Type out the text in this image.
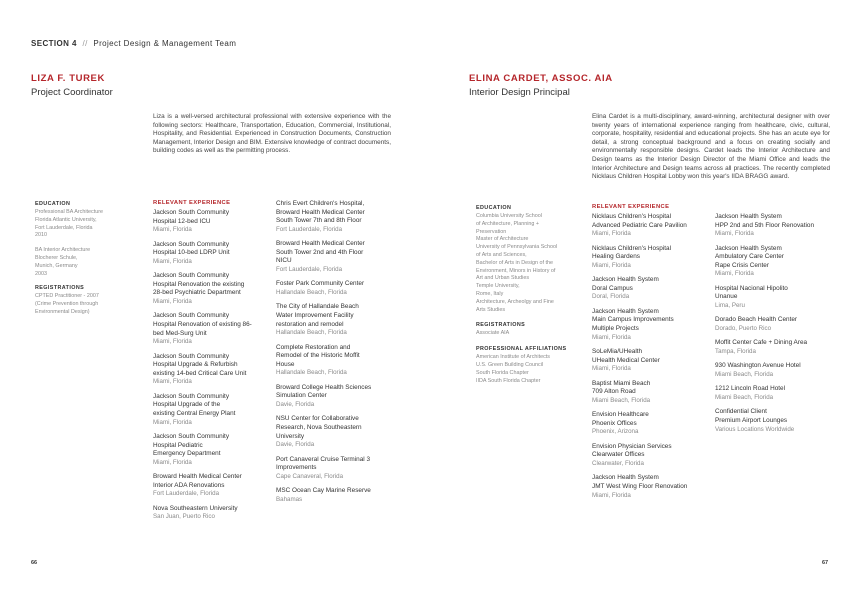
SECTION 4 // Project Design & Management Team
LIZA F. TUREK
Project Coordinator
Liza is a well-versed architectural professional with extensive experience with the following sectors: Healthcare, Transportation, Education, Commercial, Institutional, Hospitality, and Residential. Experienced in Construction Documents, Construction Management, Interior Design and BIM. Extensive knowledge of contract documents, building codes as well as the permitting process.
EDUCATION
Professional BA Architecture
Florida Atlantic University,
Fort Lauderdale, Florida
2010
BA Interior Architecture
Blocherer Schule,
Munich, Germany
2003
REGISTRATIONS
CPTED Practitioner - 2007
(Crime Prevention through
Environmental Design)
RELEVANT EXPERIENCE
Jackson South Community
Hospital 12-bed ICU
Miami, Florida
Jackson South Community
Hospital 10-bed LDRP Unit
Miami, Florida
Jackson South Community
Hospital Renovation the existing
28-bed Psychiatric Department
Miami, Florida
Jackson South Community
Hospital Renovation of existing 86-
bed Med-Surg Unit
Miami, Florida
Jackson South Community
Hospital Upgrade & Refurbish
existing 14-bed Critical Care Unit
Miami, Florida
Jackson South Community
Hospital Upgrade of the
existing Central Energy Plant
Miami, Florida
Jackson South Community
Hospital Pediatric
Emergency Department
Miami, Florida
Broward Health Medical Center
Interior ADA Renovations
Fort Lauderdale, Florida
Nova Southeastern University
San Juan, Puerto Rico
Chris Evert Children's Hospital,
Broward Health Medical Center
South Tower 7th and 8th Floor
Fort Lauderdale, Florida
Broward Health Medical Center
South Tower 2nd and 4th Floor
NICU
Fort Lauderdale, Florida
Foster Park Community Center
Hallandale Beach, Florida
The City of Hallandale Beach
Water Improvement Facility
restoration and remodel
Hallandale Beach, Florida
Complete Restoration and
Remodel of the Historic Moffit
House
Hallandale Beach, Florida
Broward College Health Sciences
Simulation Center
Davie, Florida
NSU Center for Collaborative
Research, Nova Southeastern
University
Davie, Florida
Port Canaveral Cruise Terminal 3
Improvements
Cape Canaveral, Florida
MSC Ocean Cay Marine Reserve
Bahamas
66
ELINA CARDET, ASSOC. AIA
Interior Design Principal
Elina Cardet is a multi-disciplinary, award-winning, architectural designer with over twenty years of international experience ranging from healthcare, civic, cultural, corporate, hospitality, residential and educational projects. She has an acute eye for detail, a strong conceptual background and a focus on creating socially and environmentally responsible designs. Cardet leads the Interior Architecture and Design teams as the Interior Design Director of the Miami Office and leads the Interior Architecture and Design teams across all practices. The recently completed Nicklaus Children Hospital Lobby won this year's IIDA BRAGG award.
EDUCATION
Columbia University School
of Architecture, Planning +
Preservation
Master of Architecture
University of Pennsylvania School
of Arts and Sciences,
Bachelor of Arts in Design of the
Environment, Minors in History of
Art and Urban Studies
Temple University,
Rome, Italy
Architecture, Archeolgy and Fine
Arts Studies
REGISTRATIONS
Associate AIA
PROFESSIONAL AFFILIATIONS
American Institute of Architects
U.S. Green Building Council
South Florida Chapter
IIDA South Florida Chapter
RELEVANT EXPERIENCE
Nicklaus Children's Hospital
Advanced Pediatric Care Pavilion
Miami, Florida
Nicklaus Children's Hospital
Healing Gardens
Miami, Florida
Jackson Health System
Doral Campus
Doral, Florida
Jackson Health System
Main Campus Improvements
Multiple Projects
Miami, Florida
SoLeMia/UHealth
UHealth Medical Center
Miami, Florida
Baptist Miami Beach
709 Alton Road
Miami Beach, Florida
Envision Healthcare
Phoenix Offices
Phoenix, Arizona
Envision Physician Services
Clearwater Offices
Clearwater, Florida
Jackson Health System
JMT West Wing Floor Renovation
Miami, Florida
Jackson Health System
HPP 2nd and 5th Floor Renovation
Miami, Florida
Jackson Health System
Ambulatory Care Center
Rape Crisis Center
Miami, Florida
Hospital Nacional Hipolito
Unanue
Lima, Peru
Dorado Beach Health Center
Dorado, Puerto Rico
Moffit Center Cafe + Dining Area
Tampa, Florida
930 Washington Avenue Hotel
Miami Beach, Florida
1212 Lincoln Road Hotel
Miami Beach, Florida
Confidential Client
Premium Airport Lounges
Various Locations Worldwide
67
